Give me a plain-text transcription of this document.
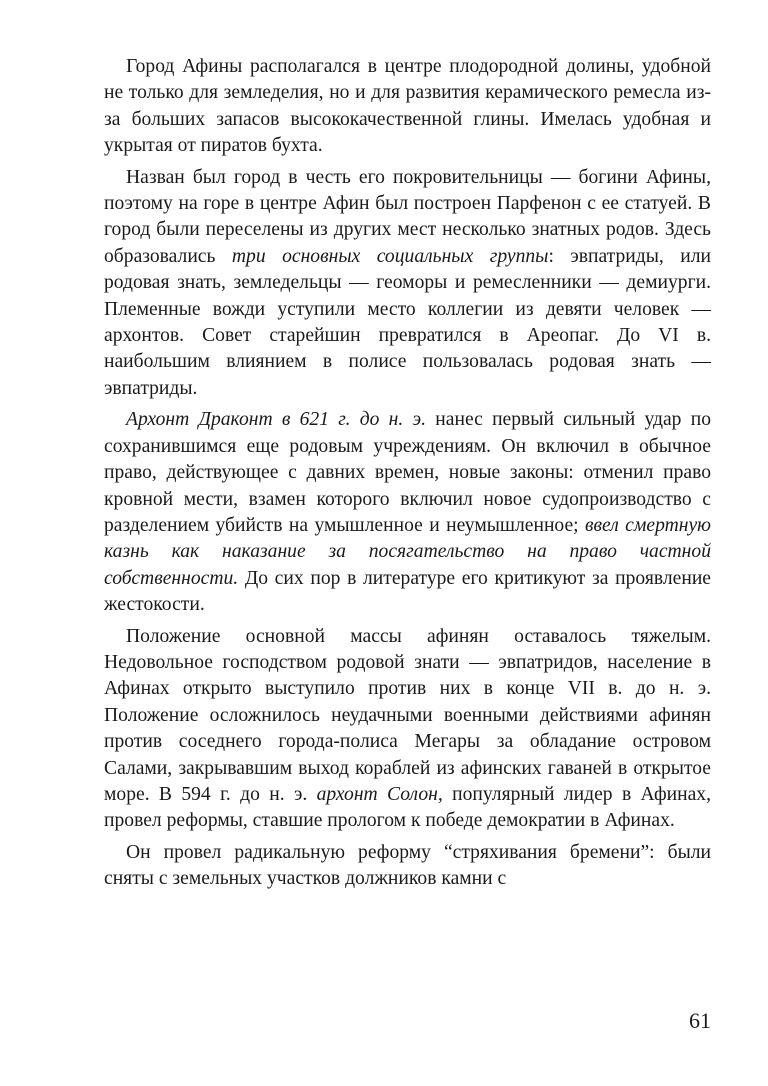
Город Афины располагался в центре плодородной долины, удобной не только для земледелия, но и для развития керамического ремесла из-за больших запасов высококачественной глины. Имелась удобная и укрытая от пиратов бухта.

Назван был город в честь его покровительницы — богини Афины, поэтому на горе в центре Афин был построен Парфенон с ее статуей. В город были переселены из других мест несколько знатных родов. Здесь образовались три основных социальных группы: эвпатриды, или родовая знать, земледельцы — геоморы и ремесленники — демиурги. Племенные вожди уступили место коллегии из девяти человек — архонтов. Совет старейшин превратился в Ареопаг. До VI в. наибольшим влиянием в полисе пользовалась родовая знать — эвпатриды.

Архонт Драконт в 621 г. до н. э. нанес первый сильный удар по сохранившимся еще родовым учреждениям. Он включил в обычное право, действующее с давних времен, новые законы: отменил право кровной мести, взамен которого включил новое судопроизводство с разделением убийств на умышленное и неумышленное; ввел смертную казнь как наказание за посягательство на право частной собственности. До сих пор в литературе его критикуют за проявление жестокости.

Положение основной массы афинян оставалось тяжелым. Недовольное господством родовой знати — эвпатридов, население в Афинах открыто выступило против них в конце VII в. до н. э. Положение осложнилось неудачными военными действиями афинян против соседнего города-полиса Мегары за обладание островом Салами, закрывавшим выход кораблей из афинских гаваней в открытое море. В 594 г. до н. э. архонт Солон, популярный лидер в Афинах, провел реформы, ставшие прологом к победе демократии в Афинах.

Он провел радикальную реформу “стряхивания бремени”: были сняты с земельных участков должников камни с

61
